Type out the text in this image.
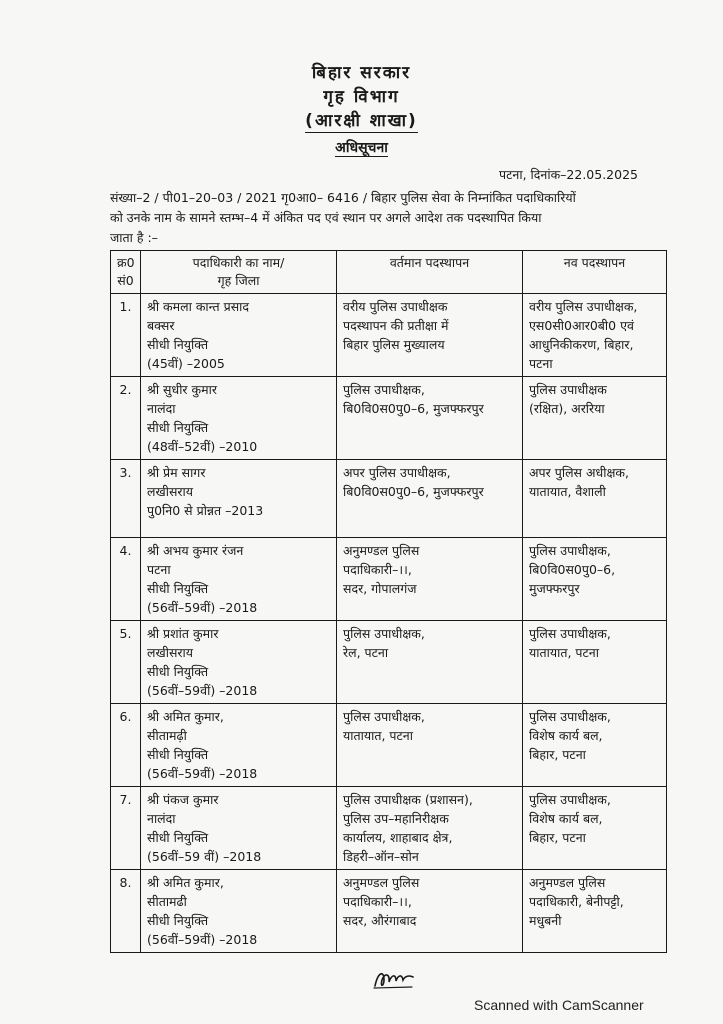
बिहार सरकार
गृह विभाग
(आरक्षी शाखा)
अधिसूचना
पटना, दिनांक–22.05.2025
संख्या–2 / पी01–20–03 / 2021 गृ0आ0– 6416 / बिहार पुलिस सेवा के निम्नांकित पदाधिकारियों
को उनके नाम के सामने स्तम्भ–4 में अंकित पद एवं स्थान पर अगले आदेश तक पदस्थापित किया
जाता है :–
क्र0
सं0	पदाधिकारी का नाम/
गृह जिला	वर्तमान पदस्थापन	नव पदस्थापन

1.	श्री कमला कान्त प्रसाद
बक्सर
सीधी नियुक्ति
(45वीं) –2005	वरीय पुलिस उपाधीक्षक
पदस्थापन की प्रतीक्षा में
बिहार पुलिस मुख्यालय	वरीय पुलिस उपाधीक्षक,
एस0सी0आर0बी0 एवं
आधुनिकीकरण, बिहार,
पटना

2.	श्री सुधीर कुमार
नालंदा
सीधी नियुक्ति
(48वीं–52वीं) –2010	पुलिस उपाधीक्षक,
बि0वि0स0पु0–6, मुजफ्फरपुर	पुलिस उपाधीक्षक
(रक्षित), अररिया

3.	श्री प्रेम सागर
लखीसराय
पु0नि0 से प्रोन्नत –2013	अपर पुलिस उपाधीक्षक,
बि0वि0स0पु0–6, मुजफ्फरपुर	अपर पुलिस अधीक्षक,
यातायात, वैशाली

4.	श्री अभय कुमार रंजन
पटना
सीधी नियुक्ति
(56वीं–59वीं) –2018	अनुमण्डल पुलिस
पदाधिकारी–।।,
सदर, गोपालगंज	पुलिस उपाधीक्षक,
बि0वि0स0पु0–6,
मुजफ्फरपुर

5.	श्री प्रशांत कुमार
लखीसराय
सीधी नियुक्ति
(56वीं–59वीं) –2018	पुलिस उपाधीक्षक,
रेल, पटना	पुलिस उपाधीक्षक,
यातायात, पटना

6.	श्री अमित कुमार,
सीतामढ़ी
सीधी नियुक्ति
(56वीं–59वीं) –2018	पुलिस उपाधीक्षक,
यातायात, पटना	पुलिस उपाधीक्षक,
विशेष कार्य बल,
बिहार, पटना

7.	श्री पंकज कुमार
नालंदा
सीधी नियुक्ति
(56वीं–59 वीं) –2018	पुलिस उपाधीक्षक (प्रशासन),
पुलिस उप–महानिरीक्षक
कार्यालय, शाहाबाद क्षेत्र,
डिहरी–ऑन–सोन	पुलिस उपाधीक्षक,
विशेष कार्य बल,
बिहार, पटना

8.	श्री अमित कुमार,
सीतामढी
सीधी नियुक्ति
(56वीं–59वीं) –2018	अनुमण्डल पुलिस
पदाधिकारी–।।,
सदर, औरंगाबाद	अनुमण्डल पुलिस
पदाधिकारी, बेनीपट्टी,
मधुबनी
Scanned with CamScanner
